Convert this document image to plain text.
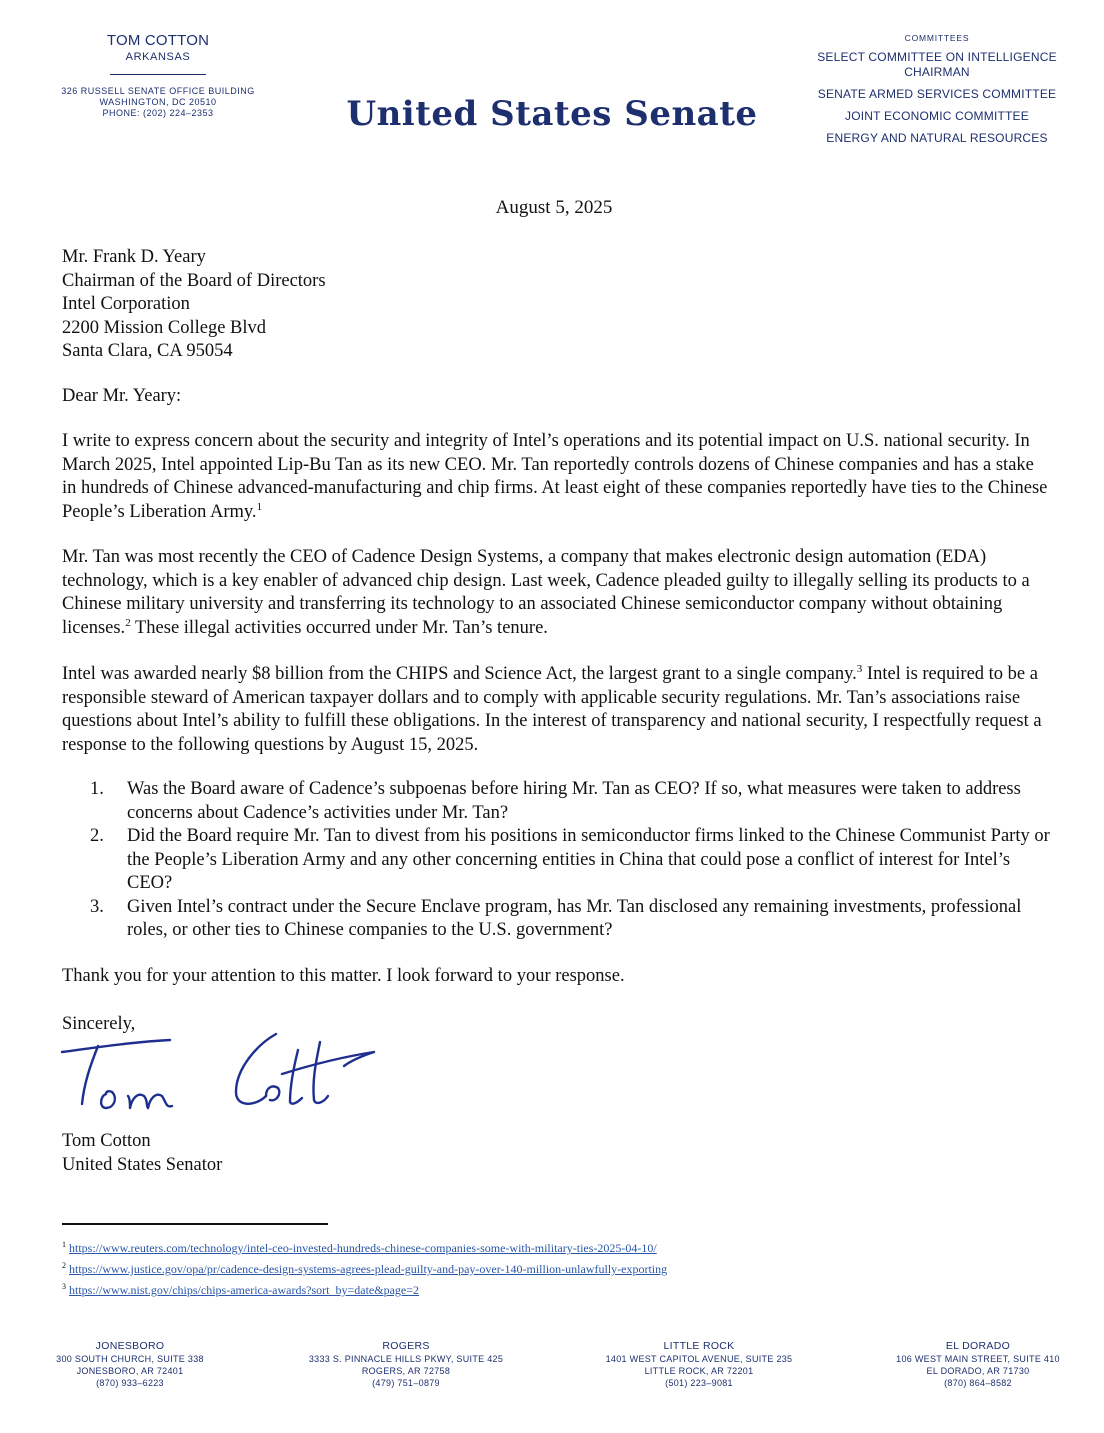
TOM COTTON
ARKANSAS
326 RUSSELL SENATE OFFICE BUILDING
WASHINGTON, DC 20510
PHONE: (202) 224–2353	United States Senate
COMMITTEES
SELECT COMMITTEE ON INTELLIGENCE
CHAIRMAN
SENATE ARMED SERVICES COMMITTEE
JOINT ECONOMIC COMMITTEE
ENERGY AND NATURAL RESOURCES
August 5, 2025
Mr. Frank D. Yeary
Chairman of the Board of Directors
Intel Corporation
2200 Mission College Blvd
Santa Clara, CA 95054
Dear Mr. Yeary:
I write to express concern about the security and integrity of Intel’s operations and its potential impact on U.S. national security. In March 2025, Intel appointed Lip-Bu Tan as its new CEO. Mr. Tan reportedly controls dozens of Chinese companies and has a stake in hundreds of Chinese advanced-manufacturing and chip firms. At least eight of these companies reportedly have ties to the Chinese People’s Liberation Army.$^1$
Mr. Tan was most recently the CEO of Cadence Design Systems, a company that makes electronic design automation (EDA) technology, which is a key enabler of advanced chip design. Last week, Cadence pleaded guilty to illegally selling its products to a Chinese military university and transferring its technology to an associated Chinese semiconductor company without obtaining licenses.$^2$ These illegal activities occurred under Mr. Tan’s tenure.
Intel was awarded nearly $8 billion from the CHIPS and Science Act, the largest grant to a single company.$^3$ Intel is required to be a responsible steward of American taxpayer dollars and to comply with applicable security regulations. Mr. Tan’s associations raise questions about Intel’s ability to fulfill these obligations. In the interest of transparency and national security, I respectfully request a response to the following questions by August 15, 2025.
1. Was the Board aware of Cadence’s subpoenas before hiring Mr. Tan as CEO? If so, what measures were taken to address concerns about Cadence’s activities under Mr. Tan?
2. Did the Board require Mr. Tan to divest from his positions in semiconductor firms linked to the Chinese Communist Party or the People’s Liberation Army and any other concerning entities in China that could pose a conflict of interest for Intel’s CEO?
3. Given Intel’s contract under the Secure Enclave program, has Mr. Tan disclosed any remaining investments, professional roles, or other ties to Chinese companies to the U.S. government?
Thank you for your attention to this matter. I look forward to your response.
Sincerely,
Tom Cotton
United States Senator
$^1$ https://www.reuters.com/technology/intel-ceo-invested-hundreds-chinese-companies-some-with-military-ties-2025-04-10/
$^2$ https://www.justice.gov/opa/pr/cadence-design-systems-agrees-plead-guilty-and-pay-over-140-million-unlawfully-exporting
$^3$ https://www.nist.gov/chips/chips-america-awards?sort_by=date&page=2
JONESBORO
300 SOUTH CHURCH, SUITE 338
JONESBORO, AR 72401
(870) 933–6223
ROGERS
3333 S. PINNACLE HILLS PKWY, SUITE 425
ROGERS, AR 72758
(479) 751–0879
LITTLE ROCK
1401 WEST CAPITOL AVENUE, SUITE 235
LITTLE ROCK, AR 72201
(501) 223–9081
EL DORADO
106 WEST MAIN STREET, SUITE 410
EL DORADO, AR 71730
(870) 864–8582
